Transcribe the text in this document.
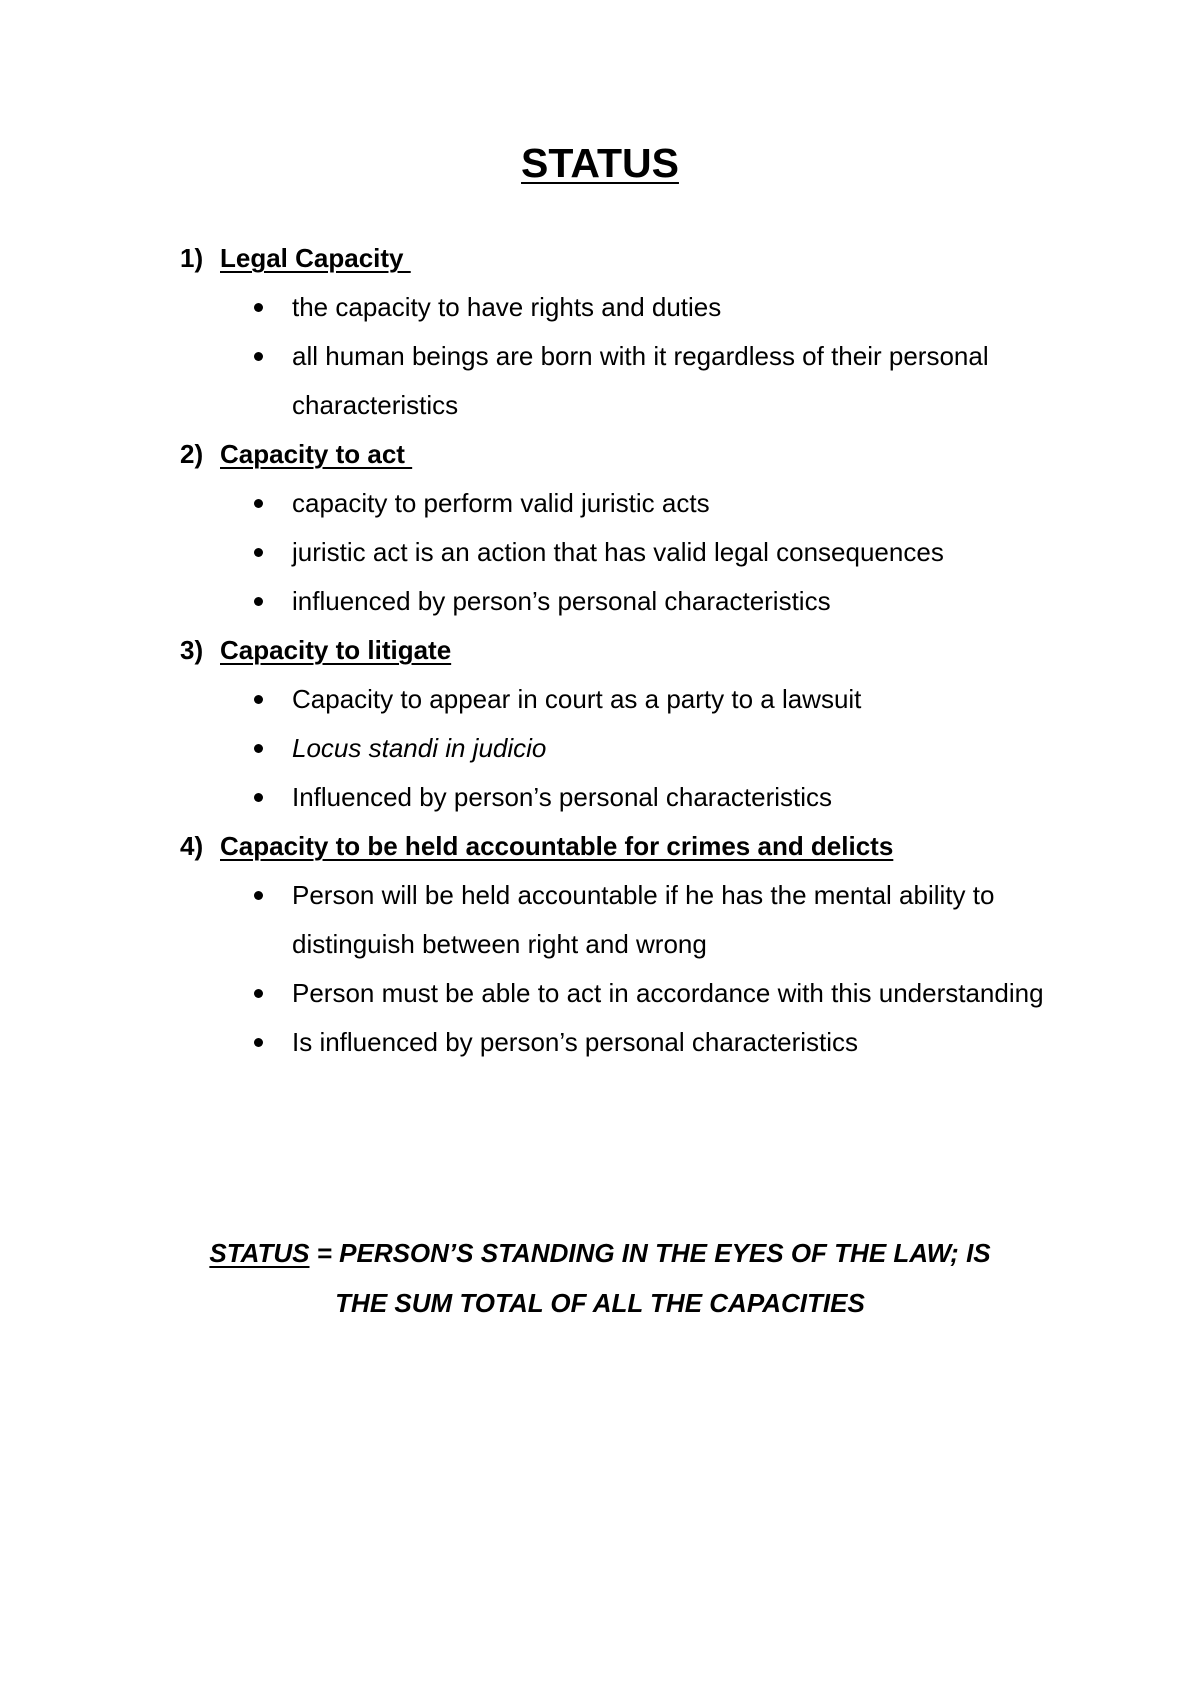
STATUS
1) Legal Capacity
the capacity to have rights and duties
all human beings are born with it regardless of their personal characteristics
2) Capacity to act
capacity to perform valid juristic acts
juristic act is an action that has valid legal consequences
influenced by person’s personal characteristics
3) Capacity to litigate
Capacity to appear in court as a party to a lawsuit
Locus standi in judicio
Influenced by person’s personal characteristics
4) Capacity to be held accountable for crimes and delicts
Person will be held accountable if he has the mental ability to distinguish between right and wrong
Person must be able to act in accordance with this understanding
Is influenced by person’s personal characteristics
STATUS = PERSON’S STANDING IN THE EYES OF THE LAW; IS
THE SUM TOTAL OF ALL THE CAPACITIES
